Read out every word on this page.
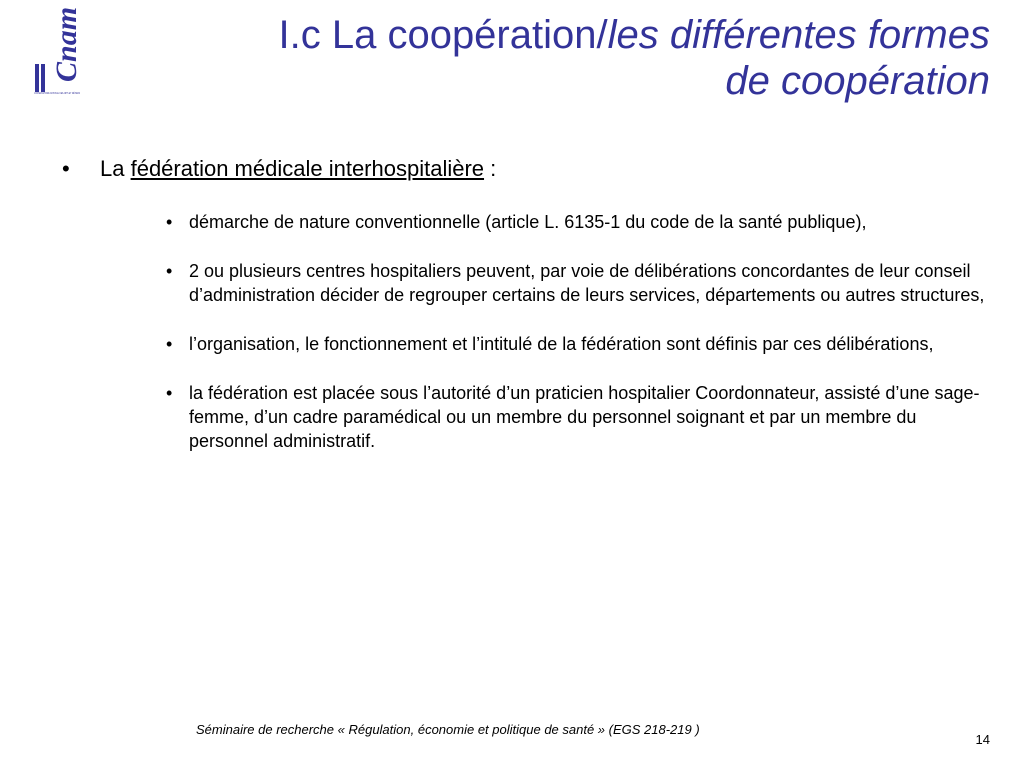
Cnam
CONSERVATOIRE NATIONAL DES ARTS ET MÉTIERS
I.c La coopération/les différentes formes de coopération
• La fédération médicale interhospitalière :
• démarche de nature conventionnelle (article L. 6135-1 du code de la santé publique),
• 2 ou plusieurs centres hospitaliers peuvent, par voie de délibérations concordantes de leur conseil d’administration décider de regrouper certains de leurs services, départements ou autres structures,
• l’organisation, le fonctionnement et l’intitulé de la fédération sont définis par ces délibérations,
• la fédération est placée sous l’autorité d’un praticien hospitalier Coordonnateur, assisté d’une sage-femme, d’un cadre paramédical ou un membre du personnel soignant et par un membre du personnel administratif.
Séminaire de recherche « Régulation, économie et politique de santé » (EGS 218-219 )
14
